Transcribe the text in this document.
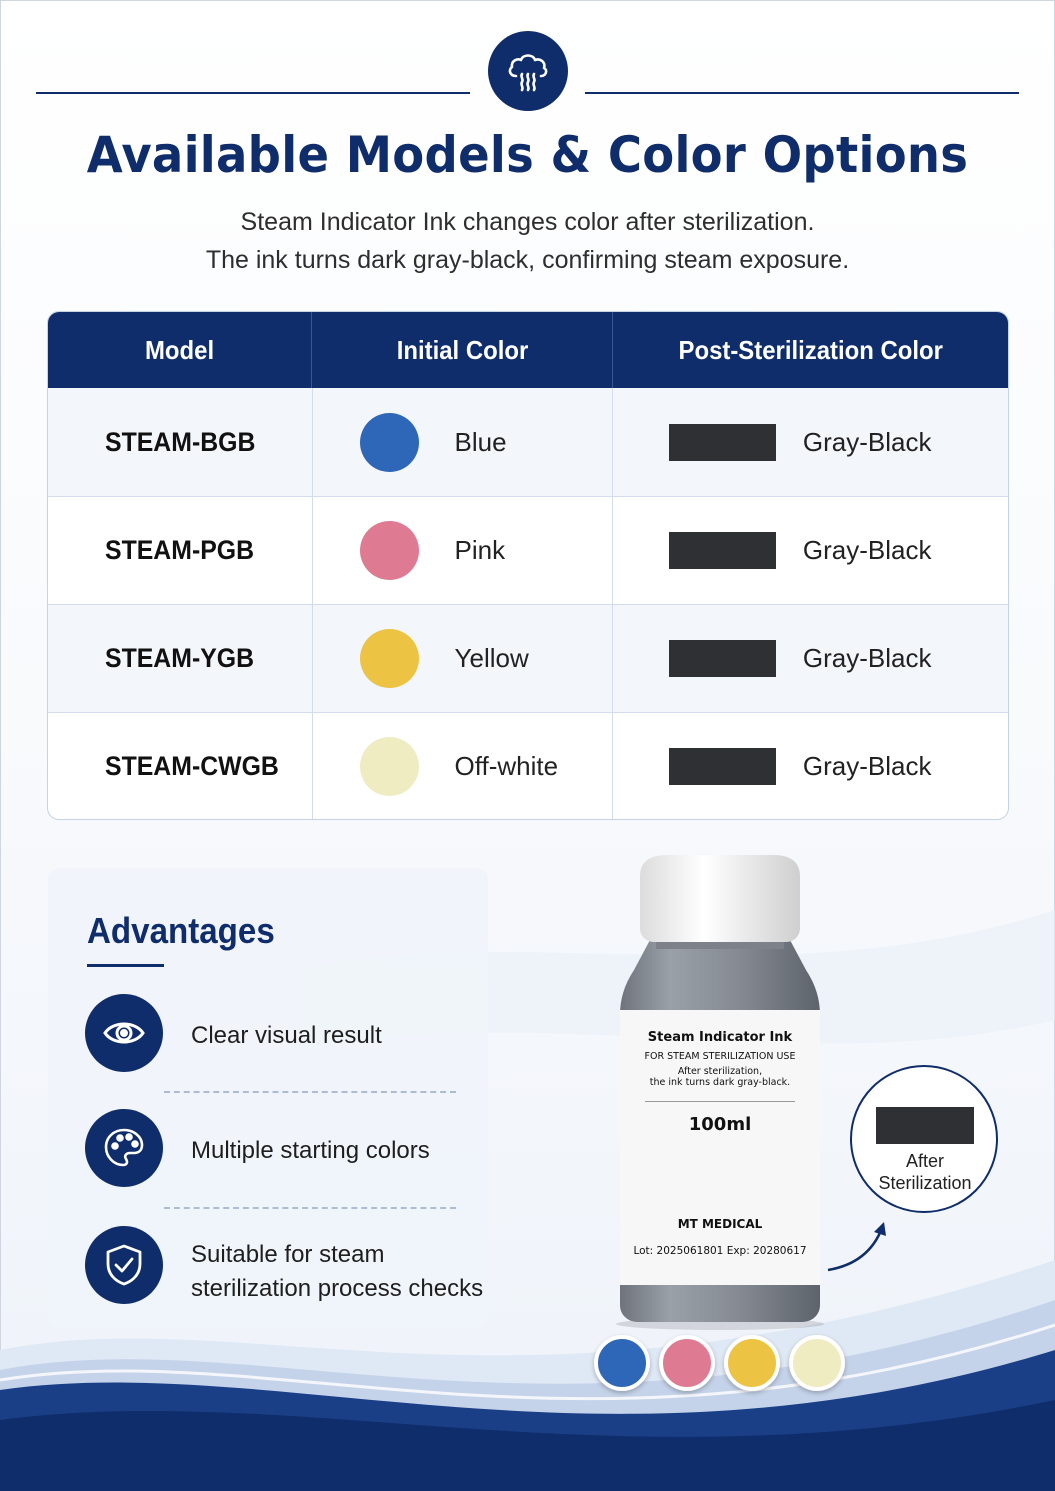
Available Models & Color Options
Steam Indicator Ink changes color after sterilization.
The ink turns dark gray-black, confirming steam exposure.
Model	Initial Color	Post-Sterilization Color
STEAM-BGB	Blue	Gray-Black
STEAM-PGB	Pink	Gray-Black
STEAM-YGB	Yellow	Gray-Black
STEAM-CWGB	Off-white	Gray-Black
Advantages
Clear visual result
Multiple starting colors
Suitable for steam
sterilization process checks
Steam Indicator Ink
FOR STEAM STERILIZATION USE
After sterilization,
the ink turns dark gray-black.
100ml
MT MEDICAL
Lot: 2025061801 Exp: 20280617
After
Sterilization
